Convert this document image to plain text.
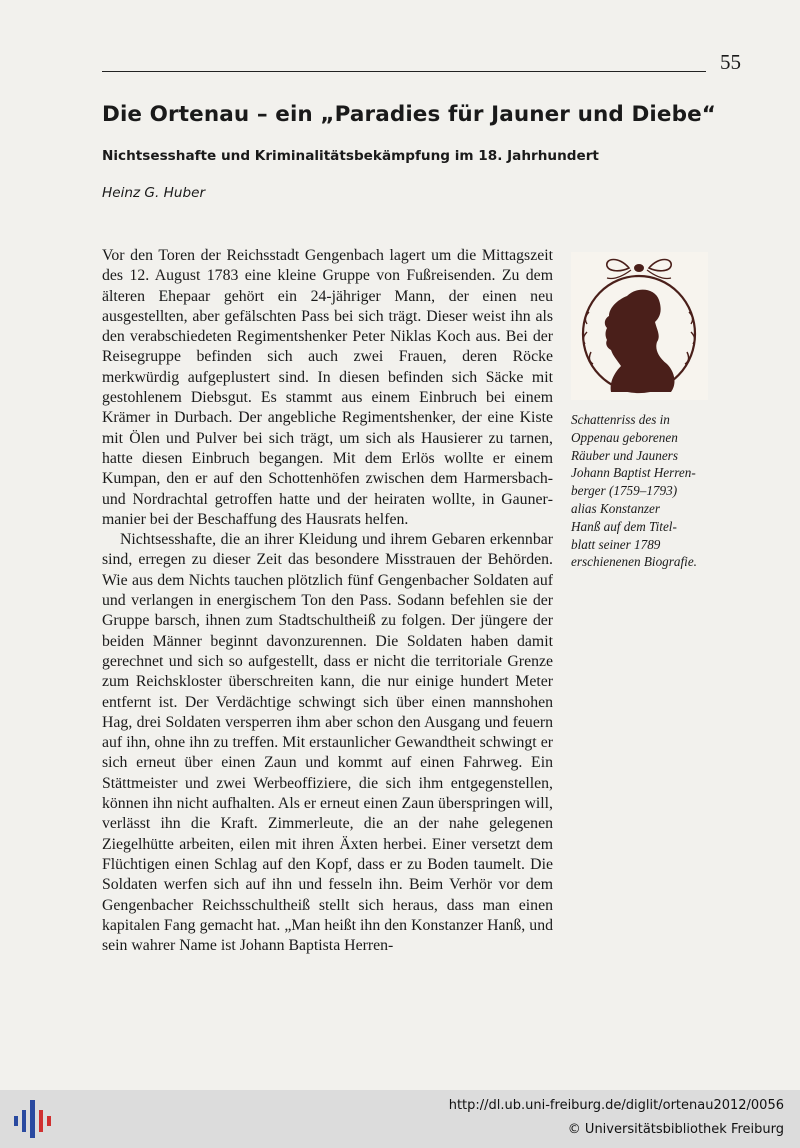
55
Die Ortenau – ein „Paradies für Jauner und Diebe“
Nichtsesshafte und Kriminalitätsbekämpfung im 18. Jahrhundert
Heinz G. Huber

Vor den Toren der Reichsstadt Gengenbach lagert um die Mittagszeit des 12. August 1783 eine kleine Gruppe von Fußreisenden. Zu dem älteren Ehepaar gehört ein 24-jähriger Mann, der einen neu ausgestellten, aber gefälschten Pass bei sich trägt. Dieser weist ihn als den verabschiedeten Regimentshenker Peter Niklas Koch aus. Bei der Reisegruppe befinden sich auch zwei Frauen, deren Röcke merkwürdig aufgeplustert sind. In diesen befinden sich Säcke mit gestohlenem Diebsgut. Es stammt aus einem Einbruch bei einem Krämer in Durbach. Der angebliche Regimentshenker, der eine Kiste mit Ölen und Pulver bei sich trägt, um sich als Hausierer zu tarnen, hatte diesen Einbruch begangen. Mit dem Erlös wollte er einem Kumpan, den er auf den Schottenhöfen zwischen dem Harmersbach- und Nordrachtal getroffen hatte und der heiraten wollte, in Gaunermanier bei der Beschaffung des Hausrats helfen.

Nichtsesshafte, die an ihrer Kleidung und ihrem Gebaren erkennbar sind, erregen zu dieser Zeit das besondere Misstrauen der Behörden. Wie aus dem Nichts tauchen plötzlich fünf Gengenbacher Soldaten auf und verlangen in energischem Ton den Pass. Sodann befehlen sie der Gruppe barsch, ihnen zum Stadtschultheiß zu folgen. Der jüngere der beiden Männer beginnt davonzurennen. Die Soldaten haben damit gerechnet und sich so aufgestellt, dass er nicht die territoriale Grenze zum Reichskloster überschreiten kann, die nur einige hundert Meter entfernt ist. Der Verdächtige schwingt sich über einen mannshohen Hag, drei Soldaten versperren ihm aber schon den Ausgang und feuern auf ihn, ohne ihn zu treffen. Mit erstaunlicher Gewandtheit schwingt er sich erneut über einen Zaun und kommt auf einen Fahrweg. Ein Stättmeister und zwei Werbeoffiziere, die sich ihm entgegenstellen, können ihn nicht aufhalten. Als er erneut einen Zaun überspringen will, verlässt ihn die Kraft. Zimmerleute, die an der nahe gelegenen Ziegelhütte arbeiten, eilen mit ihren Äxten herbei. Einer versetzt dem Flüchtigen einen Schlag auf den Kopf, dass er zu Boden taumelt. Die Soldaten werfen sich auf ihn und fesseln ihn. Beim Verhör vor dem Gengenbacher Reichsschultheiß stellt sich heraus, dass man einen kapitalen Fang gemacht hat. „Man heißt ihn den Konstanzer Hanß, und sein wahrer Name ist Johann Baptista Herren-

Schattenriss des in
Oppenau geborenen
Räuber und Jauners
Johann Baptist Herren-
berger (1759–1793)
alias Konstanzer
Hanß auf dem Titel-
blatt seiner 1789
erschienenen Biografie.
http://dl.ub.uni-freiburg.de/diglit/ortenau2012/0056
© Universitätsbibliothek Freiburg
